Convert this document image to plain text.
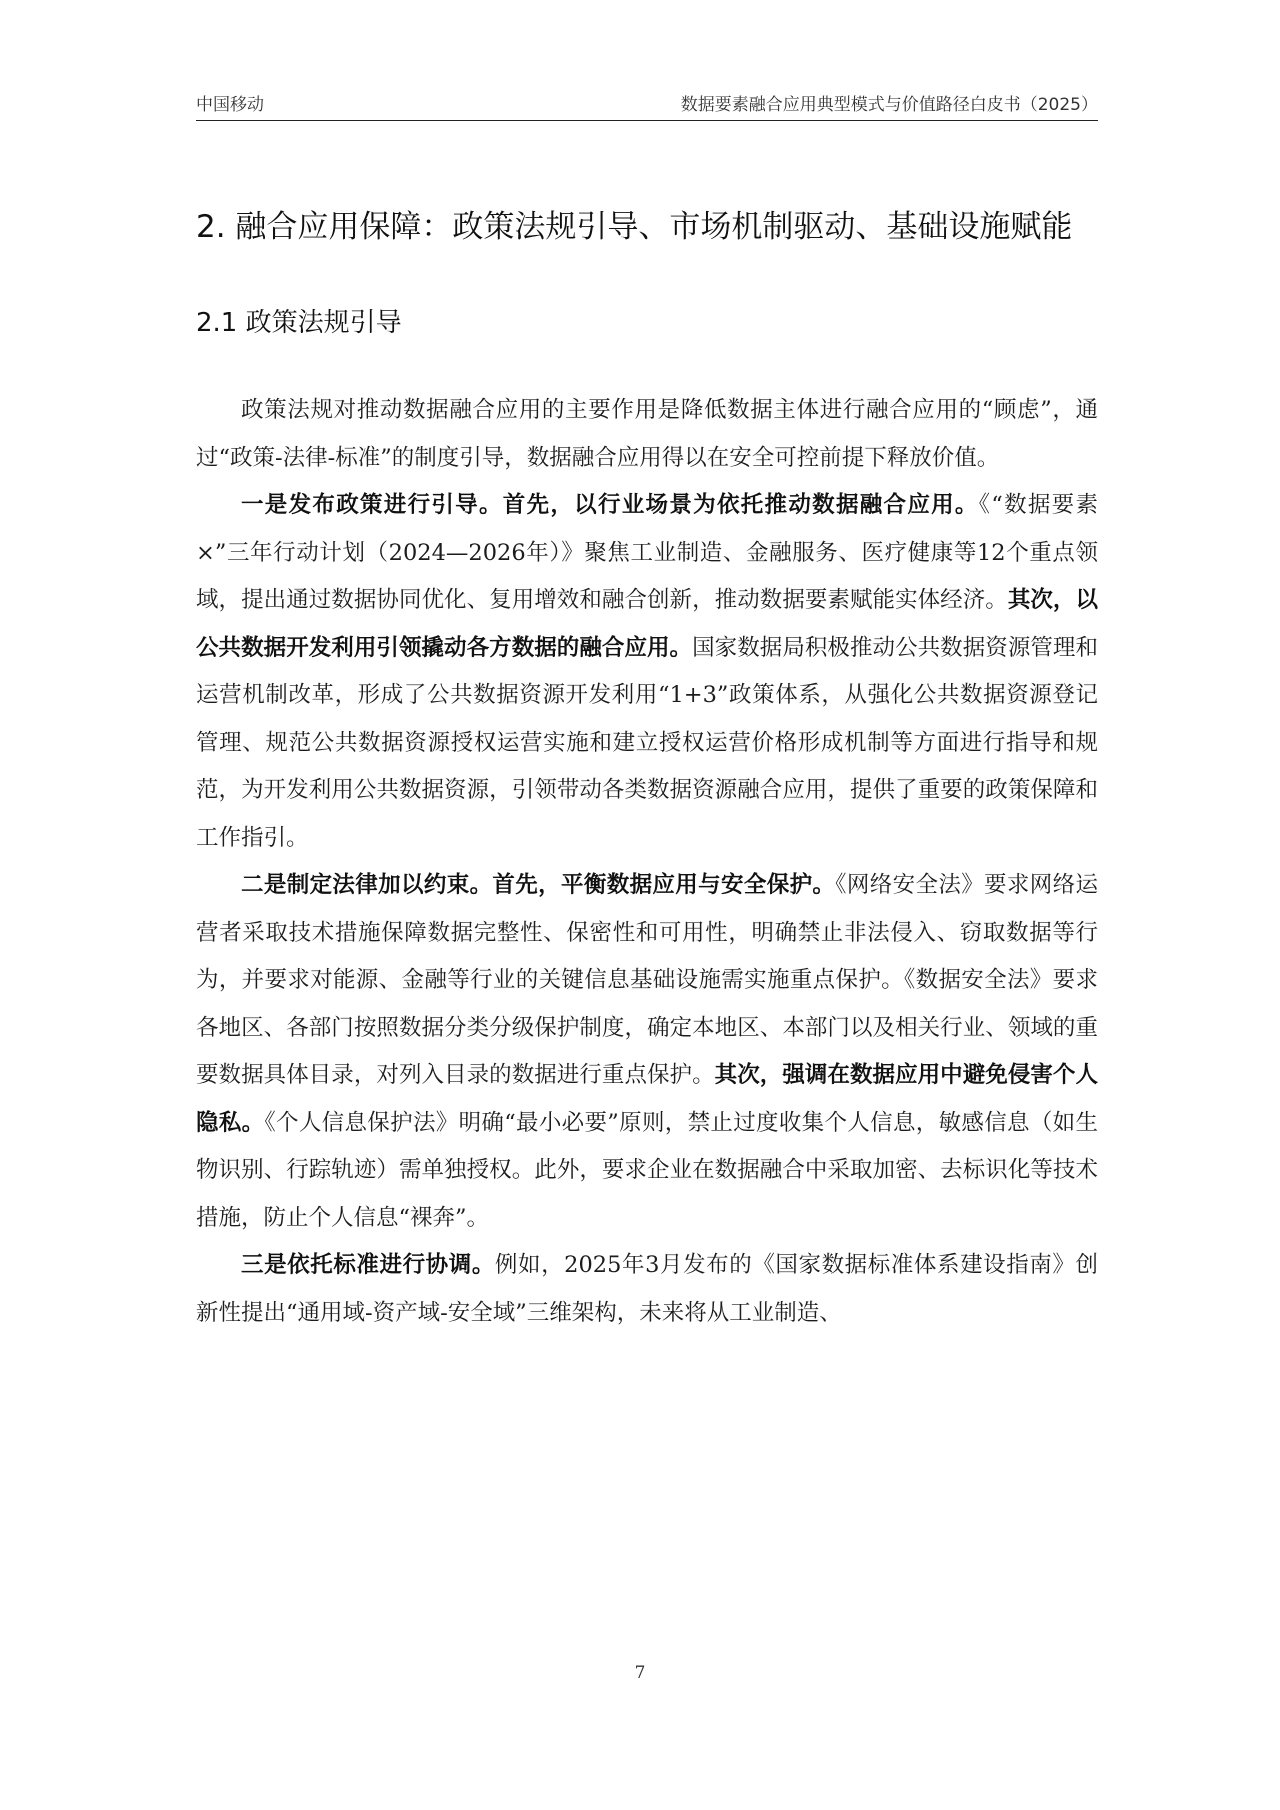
中国移动	数据要素融合应用典型模式与价值路径白皮书（2025）
2. 融合应用保障：政策法规引导、市场机制驱动、基础设施赋能
2.1 政策法规引导

政策法规对推动数据融合应用的主要作用是降低数据主体进行融合应用的“顾虑”，通过“政策-法律-标准”的制度引导，数据融合应用得以在安全可控前提下释放价值。

一是发布政策进行引导。首先，以行业场景为依托推动数据融合应用。《“数据要素×”三年行动计划（2024—2026年）》聚焦工业制造、金融服务、医疗健康等12个重点领域，提出通过数据协同优化、复用增效和融合创新，推动数据要素赋能实体经济。其次，以公共数据开发利用引领撬动各方数据的融合应用。国家数据局积极推动公共数据资源管理和运营机制改革，形成了公共数据资源开发利用“1+3”政策体系，从强化公共数据资源登记管理、规范公共数据资源授权运营实施和建立授权运营价格形成机制等方面进行指导和规范，为开发利用公共数据资源，引领带动各类数据资源融合应用，提供了重要的政策保障和工作指引。

二是制定法律加以约束。首先，平衡数据应用与安全保护。《网络安全法》要求网络运营者采取技术措施保障数据完整性、保密性和可用性，明确禁止非法侵入、窃取数据等行为，并要求对能源、金融等行业的关键信息基础设施需实施重点保护。《数据安全法》要求各地区、各部门按照数据分类分级保护制度，确定本地区、本部门以及相关行业、领域的重要数据具体目录，对列入目录的数据进行重点保护。其次，强调在数据应用中避免侵害个人隐私。《个人信息保护法》明确“最小必要”原则，禁止过度收集个人信息，敏感信息（如生物识别、行踪轨迹）需单独授权。此外，要求企业在数据融合中采取加密、去标识化等技术措施，防止个人信息“裸奔”。

三是依托标准进行协调。例如，2025年3月发布的《国家数据标准体系建设指南》创新性提出“通用域-资产域-安全域”三维架构，未来将从工业制造、

7
